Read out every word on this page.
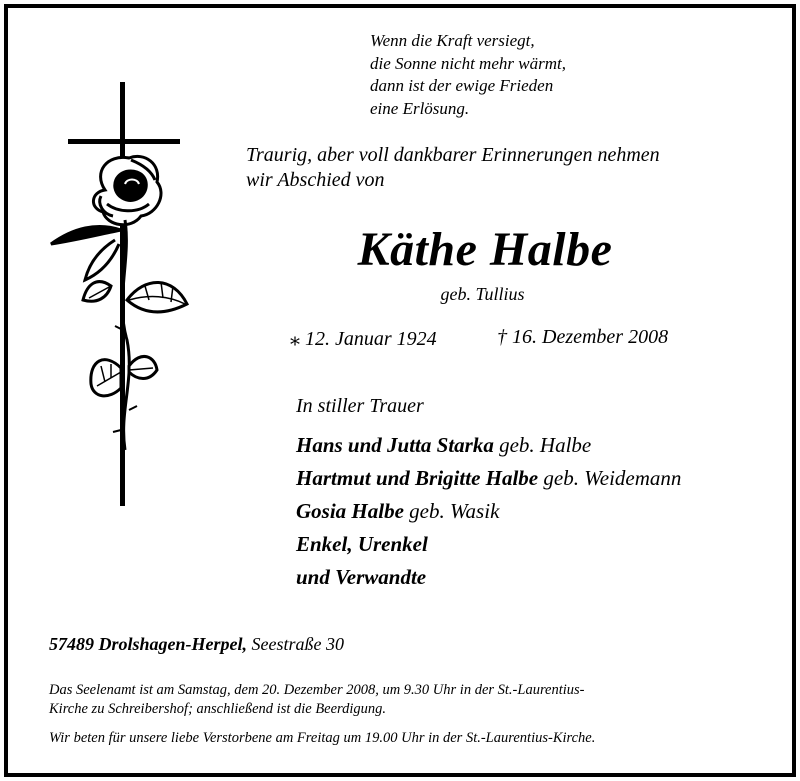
Wenn die Kraft versiegt,
die Sonne nicht mehr wärmt,
dann ist der ewige Frieden
eine Erlösung.
Traurig, aber voll dankbarer Erinnerungen nehmen
wir Abschied von
Käthe Halbe
geb. Tullius
⁎ 12. Januar 1924	† 16. Dezember 2008
In stiller Trauer
Hans und Jutta Starka geb. Halbe
Hartmut und Brigitte Halbe geb. Weidemann
Gosia Halbe geb. Wasik
Enkel, Urenkel
und Verwandte
57489 Drolshagen-Herpel, Seestraße 30
Das Seelenamt ist am Samstag, dem 20. Dezember 2008, um 9.30 Uhr in der St.-Laurentius-
Kirche zu Schreibershof; anschließend ist die Beerdigung.
Wir beten für unsere liebe Verstorbene am Freitag um 19.00 Uhr in der St.-Laurentius-Kirche.
